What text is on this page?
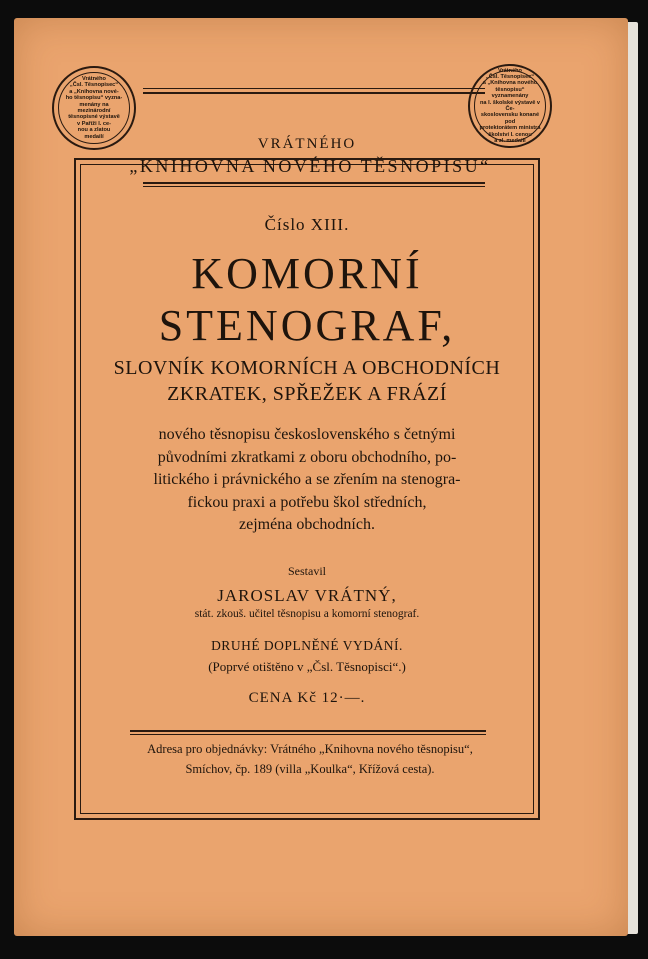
Vrátného
„Čsl. Těsnopisec“
a „Knihovna nové-
ho těsnopisu“ vyzna-
menány na mezinárodní
těsnopisné výstavě
v Paříži I. ce-
nou a zlatou
medailí
Vrátného
„Čsl. Těsnopisec“
a „Knihovna nového
těsnopisu“ vyznamenány
na I. školské výstavě v Če-
skoslovensku konané pod
protektorátem ministra
školství I. cenou
a zl. medailí

VRÁTNÉHO

„KNIHOVNA NOVÉHO TĚSNOPISU“

Číslo XIII.

KOMORNÍ

STENOGRAF,

SLOVNÍK KOMORNÍCH A OBCHODNÍCH

ZKRATEK, SPŘEŽEK A FRÁZÍ

nového těsnopisu československého s četnými
původními zkratkami z oboru obchodního, po-
litického i právnického a se zřením na stenogra-
fickou praxi a potřebu škol středních,
zejména obchodních.

Sestavil

JAROSLAV VRÁTNÝ,

stát. zkouš. učitel těsnopisu a komorní stenograf.

DRUHÉ DOPLNĚNÉ VYDÁNÍ.

(Poprvé otištěno v „Čsl. Těsnopisci“.)

CENA Kč 12·—.

Adresa pro objednávky: Vrátného „Knihovna nového těsnopisu“,
Smíchov, čp. 189 (villa „Koulka“, Křížová cesta).
